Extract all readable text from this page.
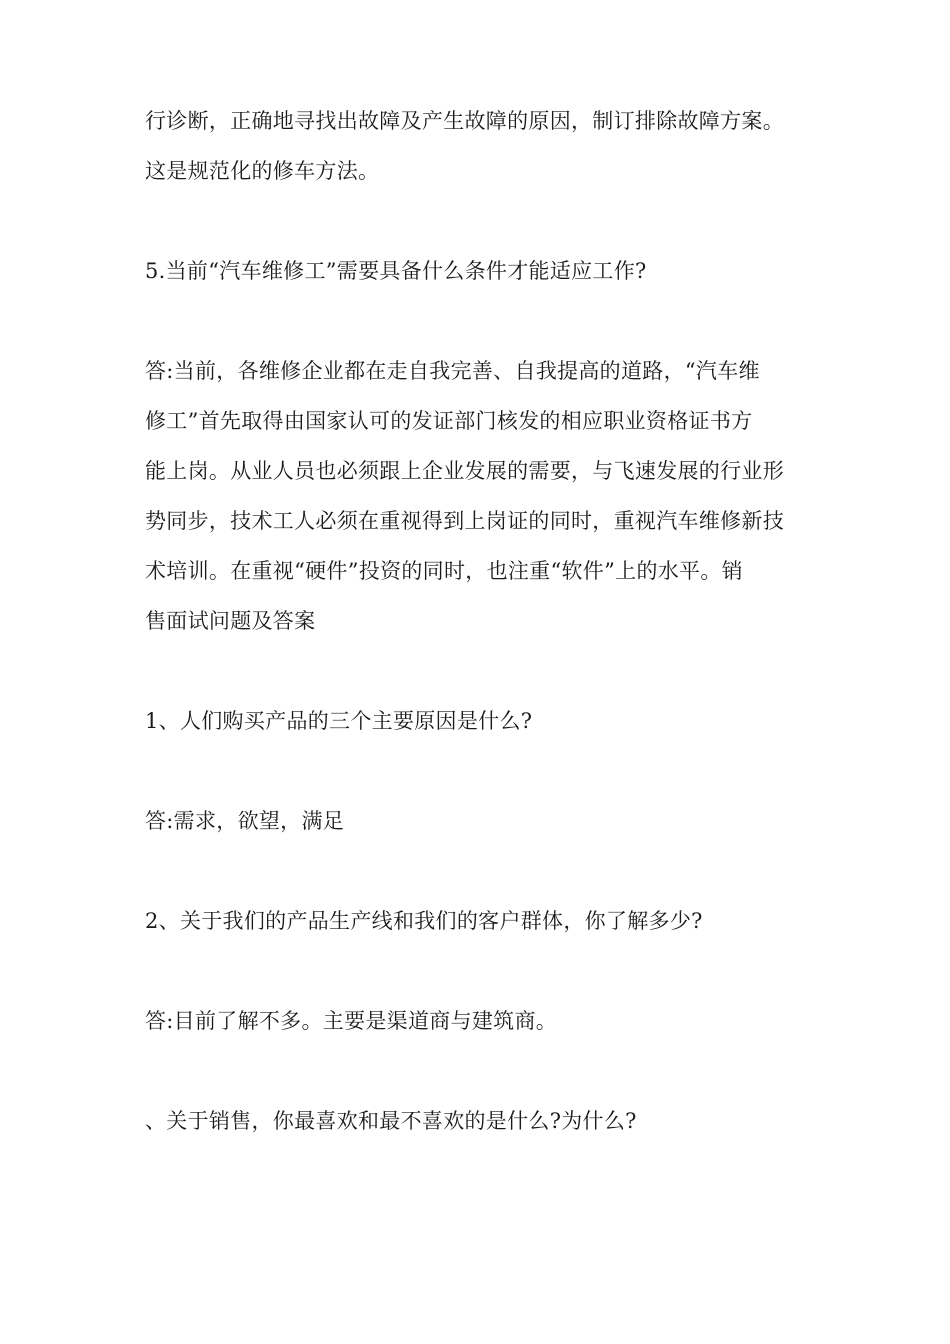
行诊断，正确地寻找出故障及产生故障的原因，制订排除故障方案。
这是规范化的修车方法。
5.当前“汽车维修工”需要具备什么条件才能适应工作?
答:当前，各维修企业都在走自我完善、自我提高的道路，“汽车维
修工”首先取得由国家认可的发证部门核发的相应职业资格证书方
能上岗。从业人员也必须跟上企业发展的需要，与飞速发展的行业形
势同步，技术工人必须在重视得到上岗证的同时，重视汽车维修新技
术培训。在重视“硬件”投资的同时，也注重“软件”上的水平。销
售面试问题及答案
1、人们购买产品的三个主要原因是什么?
答:需求，欲望，满足
2、关于我们的产品生产线和我们的客户群体，你了解多少?
答:目前了解不多。主要是渠道商与建筑商。
、关于销售，你最喜欢和最不喜欢的是什么?为什么?
